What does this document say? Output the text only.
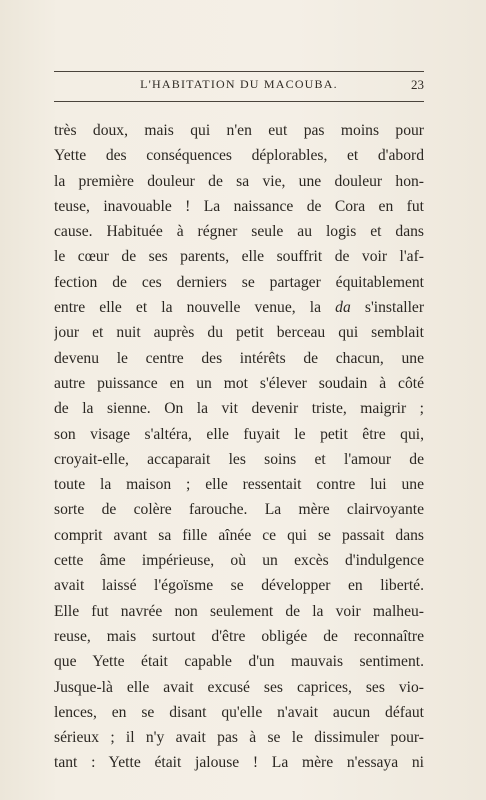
L'HABITATION DU MACOUBA.	23
très doux, mais qui n'en eut pas moins pour
Yette des conséquences déplorables, et d'abord
la première douleur de sa vie, une douleur hon-
teuse, inavouable ! La naissance de Cora en fut
cause. Habituée à régner seule au logis et dans
le cœur de ses parents, elle souffrit de voir l'af-
fection de ces derniers se partager équitablement
entre elle et la nouvelle venue, la da s'installer
jour et nuit auprès du petit berceau qui semblait
devenu le centre des intérêts de chacun, une
autre puissance en un mot s'élever soudain à côté
de la sienne. On la vit devenir triste, maigrir ;
son visage s'altéra, elle fuyait le petit être qui,
croyait-elle, accaparait les soins et l'amour de
toute la maison ; elle ressentait contre lui une
sorte de colère farouche. La mère clairvoyante
comprit avant sa fille aînée ce qui se passait dans
cette âme impérieuse, où un excès d'indulgence
avait laissé l'égoïsme se développer en liberté.
Elle fut navrée non seulement de la voir malheu-
reuse, mais surtout d'être obligée de reconnaître
que Yette était capable d'un mauvais sentiment.
Jusque-là elle avait excusé ses caprices, ses vio-
lences, en se disant qu'elle n'avait aucun défaut
sérieux ; il n'y avait pas à se le dissimuler pour-
tant : Yette était jalouse ! La mère n'essaya ni
